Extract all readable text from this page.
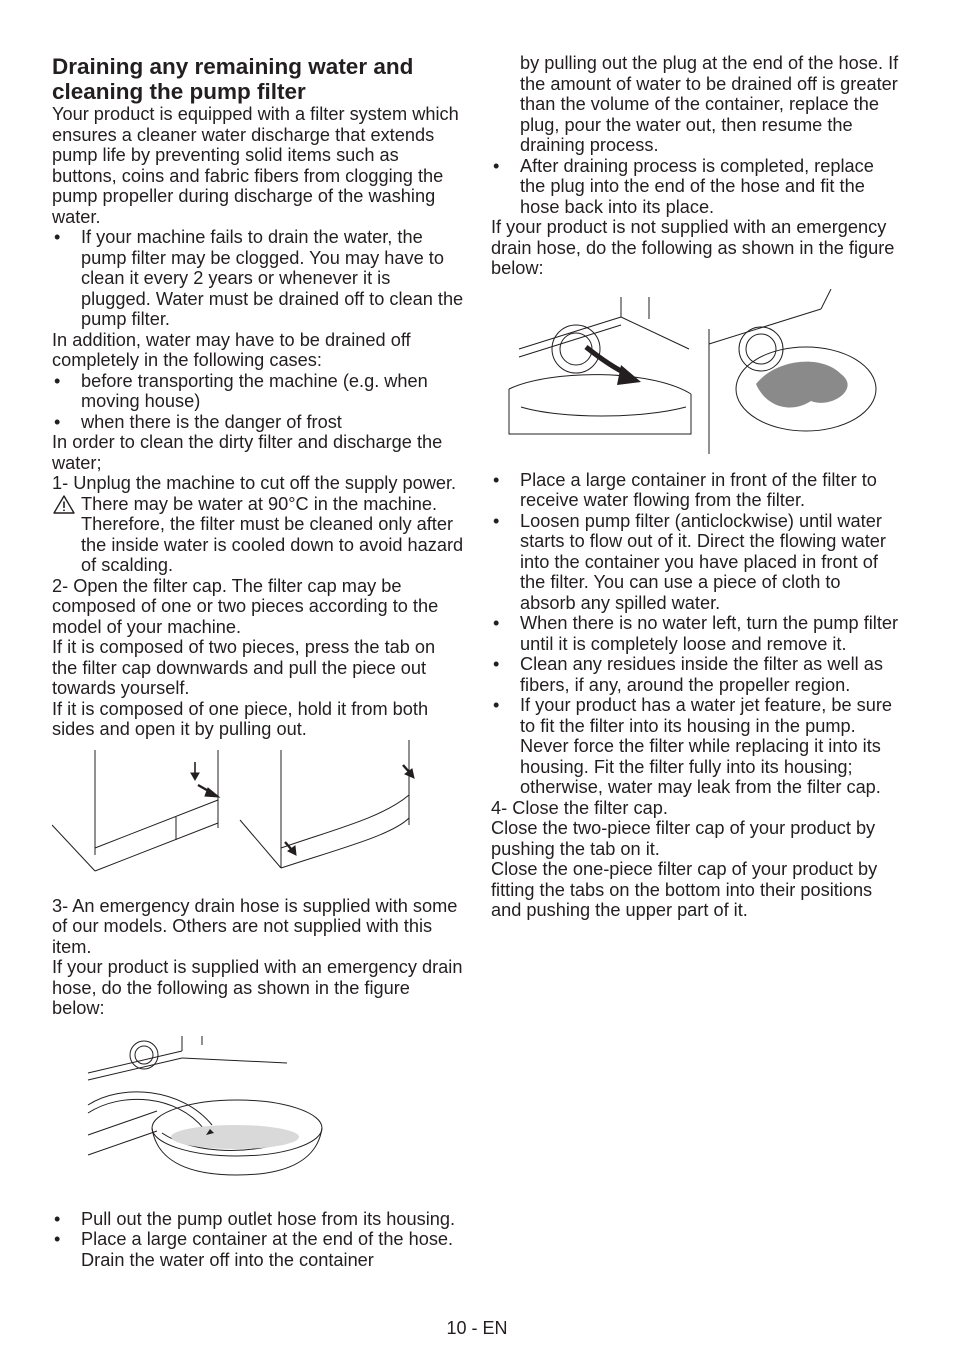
Draining any remaining water and cleaning the pump filter

Your product is equipped with a filter system which ensures a cleaner water discharge that extends pump life by preventing solid items such as buttons, coins and fabric fibers from clogging the pump propeller during discharge of the washing water.

• If your machine fails to drain the water, the pump filter may be clogged. You may have to clean it every 2 years or whenever it is plugged. Water must be drained off to clean the pump filter.

In addition, water may have to be drained off completely in the following cases:

• before transporting the machine (e.g. when moving house)
• when there is the danger of frost

In order to clean the dirty filter and discharge the water;

1- Unplug the machine to cut off the supply power.

There may be water at 90°C in the machine. Therefore, the filter must be cleaned only after the inside water is cooled down to avoid hazard of scalding.

2- Open the filter cap. The filter cap may be composed of one or two pieces according to the model of your machine.

If it is composed of two pieces, press the tab on the filter cap downwards and pull the piece out towards yourself.

If it is composed of one piece, hold it from both sides and open it by pulling out.

3- An emergency drain hose is supplied with some of our models. Others are not supplied with this item.

If your product is supplied with an emergency drain hose, do the following as shown in the figure below:

• Pull out the pump outlet hose from its housing.
• Place a large container at the end of the hose. Drain the water off into the container

by pulling out the plug at the end of the hose. If the amount of water to be drained off is greater than the volume of the container, replace the plug, pour the water out, then resume the draining process.

• After draining process is completed, replace the plug into the end of the hose and fit the hose back into its place.

If your product is not supplied with an emergency drain hose, do the following as shown in the figure below:

• Place a large container in front of the filter to receive water flowing from the filter.
• Loosen pump filter (anticlockwise) until water starts to flow out of it. Direct the flowing water into the container you have placed in front of the filter. You can use a piece of cloth to absorb any spilled water.
• When there is no water left, turn the pump filter until it is completely loose and remove it.
• Clean any residues inside the filter as well as fibers, if any, around the propeller region.
• If your product has a water jet feature, be sure to fit the filter into its housing in the pump. Never force the filter while replacing it into its housing. Fit the filter fully into its housing; otherwise, water may leak from the filter cap.

4- Close the filter cap.

Close the two-piece filter cap of your product by pushing the tab on it.

Close the one-piece filter cap of your product by fitting the tabs on the bottom into their positions and pushing the upper part of it.

10 - EN
